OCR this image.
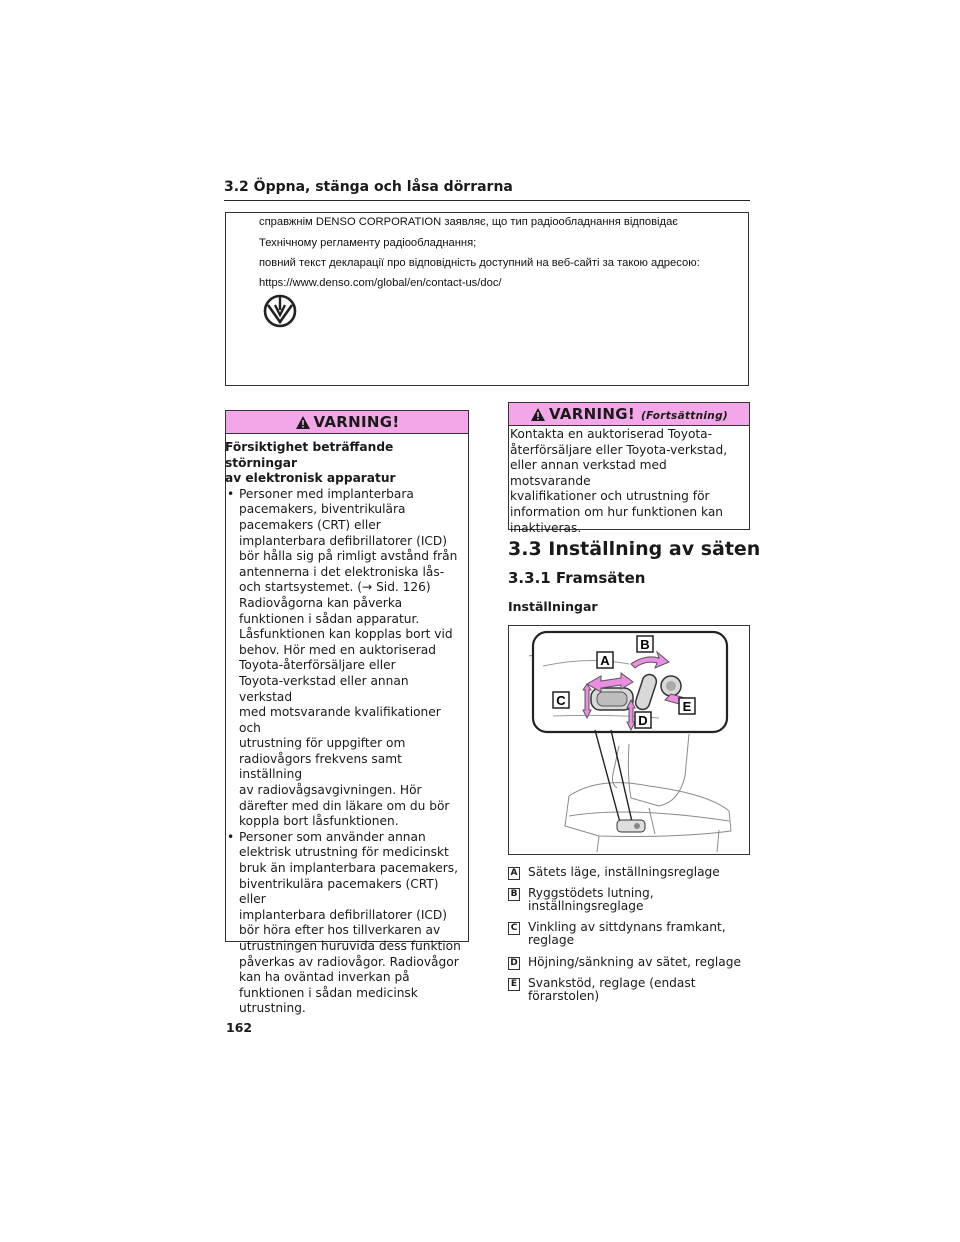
3.2 Öppna, stänga och låsa dörrarna
справжнім DENSO CORPORATION заявляє, що тип радіообладнання відповідає
Технічному регламенту радіообладнання;
повний текст декларації про відповідність доступний на веб-сайті за такою адресою:
https://www.denso.com/global/en/contact-us/doc/
VARNING!
Försiktighet beträffande störningar
av elektronisk apparatur
• Personer med implanterbara
pacemakers, biventrikulära
pacemakers (CRT) eller
implanterbara defibrillatorer (ICD)
bör hålla sig på rimligt avstånd från
antennerna i det elektroniska lås-
och startsystemet. (→ Sid. 126)
Radiovågorna kan påverka
funktionen i sådan apparatur.
Låsfunktionen kan kopplas bort vid
behov. Hör med en auktoriserad
Toyota-återförsäljare eller
Toyota-verkstad eller annan verkstad
med motsvarande kvalifikationer och
utrustning för uppgifter om
radiovågors frekvens samt inställning
av radiovågsavgivningen. Hör
därefter med din läkare om du bör
koppla bort låsfunktionen.
• Personer som använder annan
elektrisk utrustning för medicinskt
bruk än implanterbara pacemakers,
biventrikulära pacemakers (CRT) eller
implanterbara defibrillatorer (ICD)
bör höra efter hos tillverkaren av
utrustningen huruvida dess funktion
påverkas av radiovågor. Radiovågor
kan ha oväntad inverkan på
funktionen i sådan medicinsk
utrustning.
VARNING! (Fortsättning)
Kontakta en auktoriserad Toyota-
återförsäljare eller Toyota-verkstad,
eller annan verkstad med motsvarande
kvalifikationer och utrustning för
information om hur funktionen kan
inaktiveras.
3.3 Inställning av säten
3.3.1 Framsäten
Inställningar
B
A
C
D
E
A Sätets läge, inställningsreglage
B Ryggstödets lutning,
inställningsreglage
C Vinkling av sittdynans framkant,
reglage
D Höjning/sänkning av sätet, reglage
E Svankstöd, reglage (endast
förarstolen)
162
